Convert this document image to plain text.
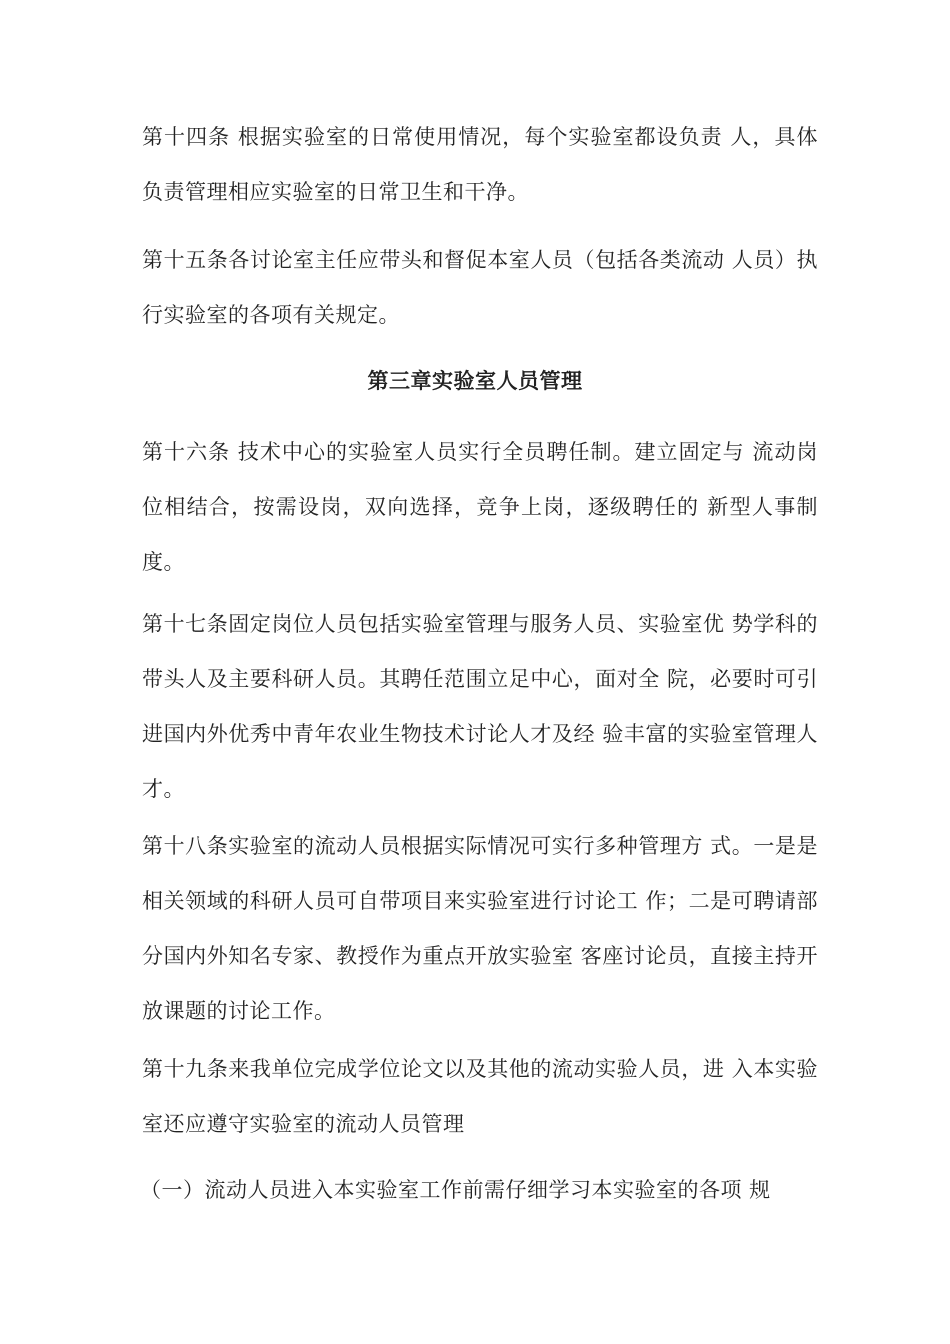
第十四条 根据实验室的日常使用情况，每个实验室都设负责 人，具体负责管理相应实验室的日常卫生和干净。

第十五条各讨论室主任应带头和督促本室人员（包括各类流动 人员）执行实验室的各项有关规定。

第三章实验室人员管理

第十六条 技术中心的实验室人员实行全员聘任制。建立固定与 流动岗位相结合，按需设岗，双向选择，竞争上岗，逐级聘任的 新型人事制度。

第十七条固定岗位人员包括实验室管理与服务人员、实验室优 势学科的带头人及主要科研人员。其聘任范围立足中心，面对全 院，必要时可引进国内外优秀中青年农业生物技术讨论人才及经 验丰富的实验室管理人才。

第十八条实验室的流动人员根据实际情况可实行多种管理方 式。一是是相关领域的科研人员可自带项目来实验室进行讨论工 作；二是可聘请部分国内外知名专家、教授作为重点开放实验室 客座讨论员，直接主持开放课题的讨论工作。

第十九条来我单位完成学位论文以及其他的流动实验人员，进 入本实验室还应遵守实验室的流动人员管理

（一）流动人员进入本实验室工作前需仔细学习本实验室的各项 规
